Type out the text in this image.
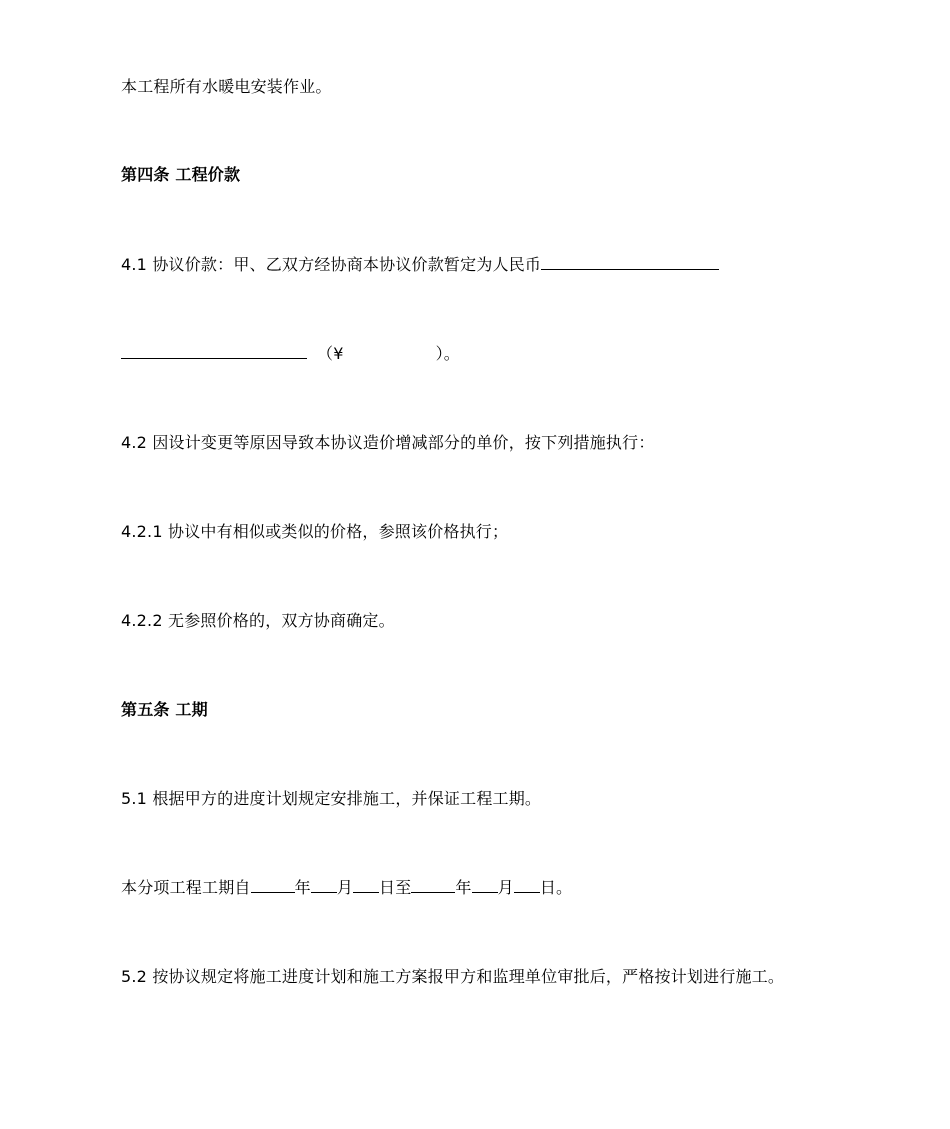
本工程所有水暖电安装作业。
第四条 工程价款
4.1 协议价款：甲、乙双方经协商本协议价款暂定为人民币
（¥	）。
4.2 因设计变更等原因导致本协议造价增减部分的单价，按下列措施执行：
4.2.1 协议中有相似或类似的价格，参照该价格执行；
4.2.2 无参照价格的，双方协商确定。
第五条 工期
5.1 根据甲方的进度计划规定安排施工，并保证工程工期。
本分项工程工期自	年 月 日至	年 月 日。
5.2 按协议规定将施工进度计划和施工方案报甲方和监理单位审批后，严格按计划进行施工。
